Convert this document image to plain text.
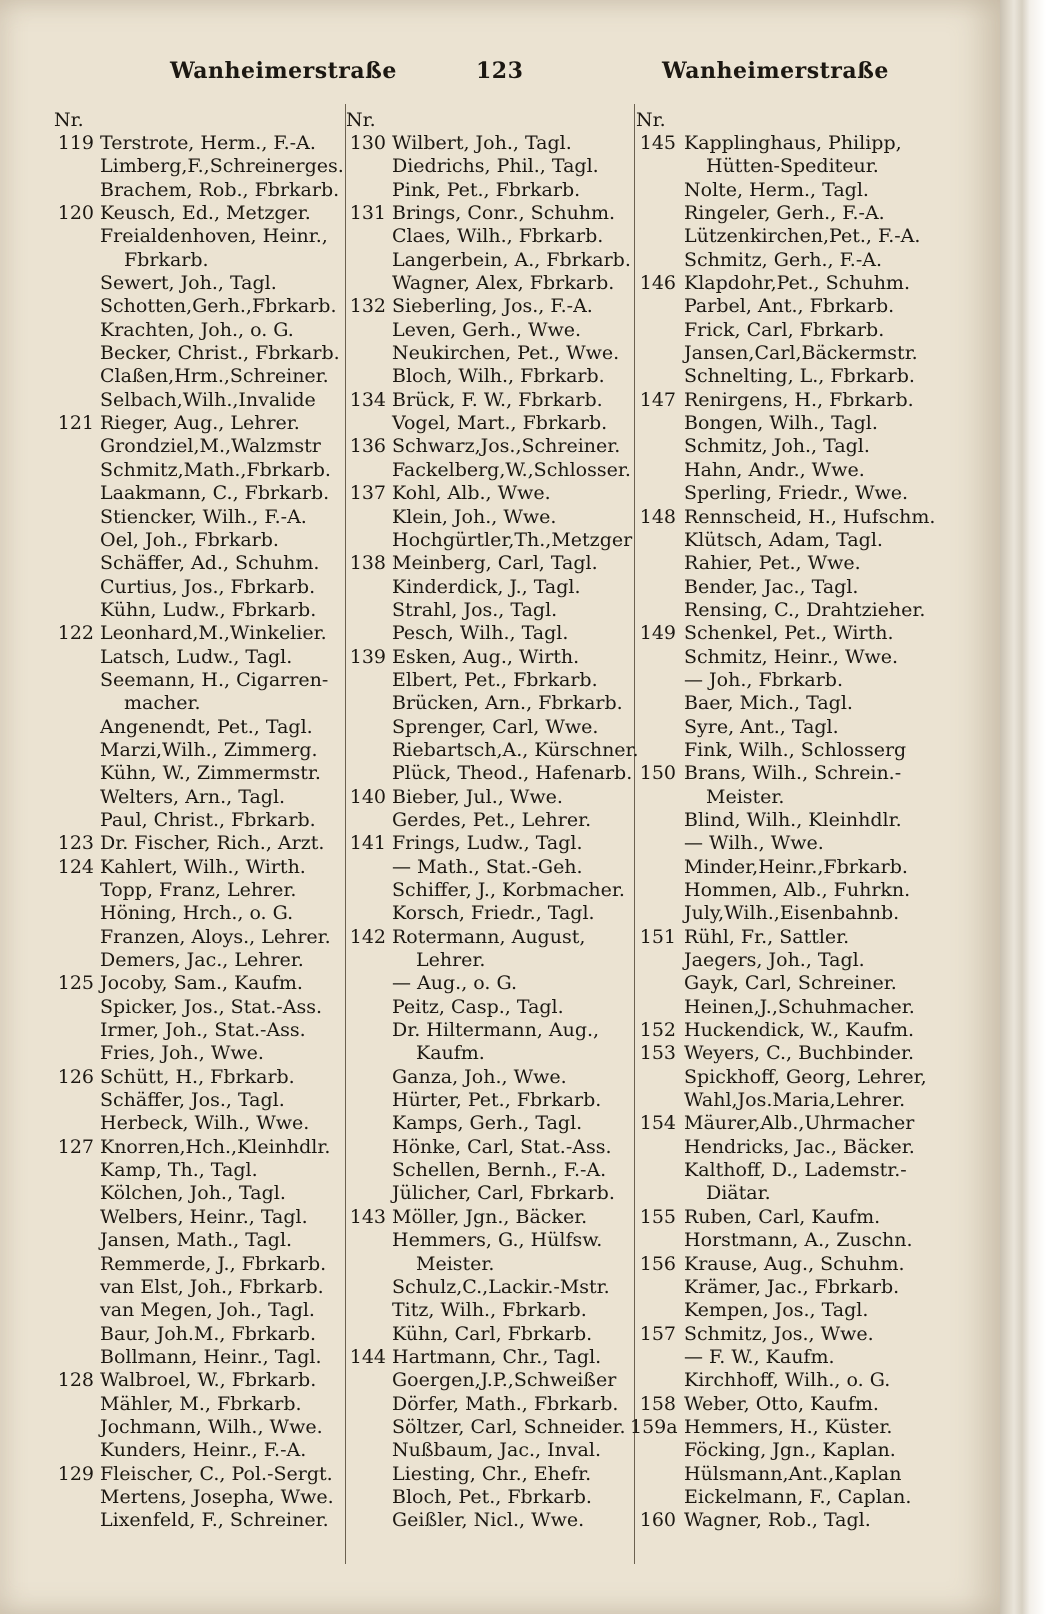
Wanheimerstraße	123	Wanheimerstraße
Nr.
119 Terstrote, Herm., F.-A.
Limberg,F.,Schreinerges.
Brachem, Rob., Fbrkarb.
120 Keusch, Ed., Metzger.
Freialdenhoven, Heinr.,
Fbrkarb.
Sewert, Joh., Tagl.
Schotten,Gerh.,Fbrkarb.
Krachten, Joh., o. G.
Becker, Christ., Fbrkarb.
Claßen,Hrm.,Schreiner.
Selbach,Wilh.,Invalide
121 Rieger, Aug., Lehrer.
Grondziel,M.,Walzmstr
Schmitz,Math.,Fbrkarb.
Laakmann, C., Fbrkarb.
Stiencker, Wilh., F.-A.
Oel, Joh., Fbrkarb.
Schäffer, Ad., Schuhm.
Curtius, Jos., Fbrkarb.
Kühn, Ludw., Fbrkarb.
122 Leonhard,M.,Winkelier.
Latsch, Ludw., Tagl.
Seemann, H., Cigarren-
macher.
Angenendt, Pet., Tagl.
Marzi,Wilh., Zimmerg.
Kühn, W., Zimmermstr.
Welters, Arn., Tagl.
Paul, Christ., Fbrkarb.
123 Dr. Fischer, Rich., Arzt.
124 Kahlert, Wilh., Wirth.
Topp, Franz, Lehrer.
Höning, Hrch., o. G.
Franzen, Aloys., Lehrer.
Demers, Jac., Lehrer.
125 Jocoby, Sam., Kaufm.
Spicker, Jos., Stat.-Ass.
Irmer, Joh., Stat.-Ass.
Fries, Joh., Wwe.
126 Schütt, H., Fbrkarb.
Schäffer, Jos., Tagl.
Herbeck, Wilh., Wwe.
127 Knorren,Hch.,Kleinhdlr.
Kamp, Th., Tagl.
Kölchen, Joh., Tagl.
Welbers, Heinr., Tagl.
Jansen, Math., Tagl.
Remmerde, J., Fbrkarb.
van Elst, Joh., Fbrkarb.
van Megen, Joh., Tagl.
Baur, Joh.M., Fbrkarb.
Bollmann, Heinr., Tagl.
128 Walbroel, W., Fbrkarb.
Mähler, M., Fbrkarb.
Jochmann, Wilh., Wwe.
Kunders, Heinr., F.-A.
129 Fleischer, C., Pol.-Sergt.
Mertens, Josepha, Wwe.
Lixenfeld, F., Schreiner.
Nr.
130 Wilbert, Joh., Tagl.
Diedrichs, Phil., Tagl.
Pink, Pet., Fbrkarb.
131 Brings, Conr., Schuhm.
Claes, Wilh., Fbrkarb.
Langerbein, A., Fbrkarb.
Wagner, Alex, Fbrkarb.
132 Sieberling, Jos., F.-A.
Leven, Gerh., Wwe.
Neukirchen, Pet., Wwe.
Bloch, Wilh., Fbrkarb.
134 Brück, F. W., Fbrkarb.
Vogel, Mart., Fbrkarb.
136 Schwarz,Jos.,Schreiner.
Fackelberg,W.,Schlosser.
137 Kohl, Alb., Wwe.
Klein, Joh., Wwe.
Hochgürtler,Th.,Metzger
138 Meinberg, Carl, Tagl.
Kinderdick, J., Tagl.
Strahl, Jos., Tagl.
Pesch, Wilh., Tagl.
139 Esken, Aug., Wirth.
Elbert, Pet., Fbrkarb.
Brücken, Arn., Fbrkarb.
Sprenger, Carl, Wwe.
Riebartsch,A., Kürschner.
Plück, Theod., Hafenarb.
140 Bieber, Jul., Wwe.
Gerdes, Pet., Lehrer.
141 Frings, Ludw., Tagl.
— Math., Stat.-Geh.
Schiffer, J., Korbmacher.
Korsch, Friedr., Tagl.
142 Rotermann, August,
Lehrer.
— Aug., o. G.
Peitz, Casp., Tagl.
Dr. Hiltermann, Aug.,
Kaufm.
Ganza, Joh., Wwe.
Hürter, Pet., Fbrkarb.
Kamps, Gerh., Tagl.
Hönke, Carl, Stat.-Ass.
Schellen, Bernh., F.-A.
Jülicher, Carl, Fbrkarb.
143 Möller, Jgn., Bäcker.
Hemmers, G., Hülfsw.
Meister.
Schulz,C.,Lackir.-Mstr.
Titz, Wilh., Fbrkarb.
Kühn, Carl, Fbrkarb.
144 Hartmann, Chr., Tagl.
Goergen,J.P.,Schweißer
Dörfer, Math., Fbrkarb.
Söltzer, Carl, Schneider.
Nußbaum, Jac., Inval.
Liesting, Chr., Ehefr.
Bloch, Pet., Fbrkarb.
Geißler, Nicl., Wwe.
Nr.
145 Kapplinghaus, Philipp,
Hütten-Spediteur.
Nolte, Herm., Tagl.
Ringeler, Gerh., F.-A.
Lützenkirchen,Pet., F.-A.
Schmitz, Gerh., F.-A.
146 Klapdohr,Pet., Schuhm.
Parbel, Ant., Fbrkarb.
Frick, Carl, Fbrkarb.
Jansen,Carl,Bäckermstr.
Schnelting, L., Fbrkarb.
147 Renirgens, H., Fbrkarb.
Bongen, Wilh., Tagl.
Schmitz, Joh., Tagl.
Hahn, Andr., Wwe.
Sperling, Friedr., Wwe.
148 Rennscheid, H., Hufschm.
Klütsch, Adam, Tagl.
Rahier, Pet., Wwe.
Bender, Jac., Tagl.
Rensing, C., Drahtzieher.
149 Schenkel, Pet., Wirth.
Schmitz, Heinr., Wwe.
— Joh., Fbrkarb.
Baer, Mich., Tagl.
Syre, Ant., Tagl.
Fink, Wilh., Schlosserg
150 Brans, Wilh., Schrein.-
Meister.
Blind, Wilh., Kleinhdlr.
— Wilh., Wwe.
Minder,Heinr.,Fbrkarb.
Hommen, Alb., Fuhrkn.
July,Wilh.,Eisenbahnb.
151 Rühl, Fr., Sattler.
Jaegers, Joh., Tagl.
Gayk, Carl, Schreiner.
Heinen,J.,Schuhmacher.
152 Huckendick, W., Kaufm.
153 Weyers, C., Buchbinder.
Spickhoff, Georg, Lehrer,
Wahl,Jos.Maria,Lehrer.
154 Mäurer,Alb.,Uhrmacher
Hendricks, Jac., Bäcker.
Kalthoff, D., Lademstr.-
Diätar.
155 Ruben, Carl, Kaufm.
Horstmann, A., Zuschn.
156 Krause, Aug., Schuhm.
Krämer, Jac., Fbrkarb.
Kempen, Jos., Tagl.
157 Schmitz, Jos., Wwe.
— F. W., Kaufm.
Kirchhoff, Wilh., o. G.
158 Weber, Otto, Kaufm.
159a Hemmers, H., Küster.
Föcking, Jgn., Kaplan.
Hülsmann,Ant.,Kaplan
Eickelmann, F., Caplan.
160 Wagner, Rob., Tagl.
